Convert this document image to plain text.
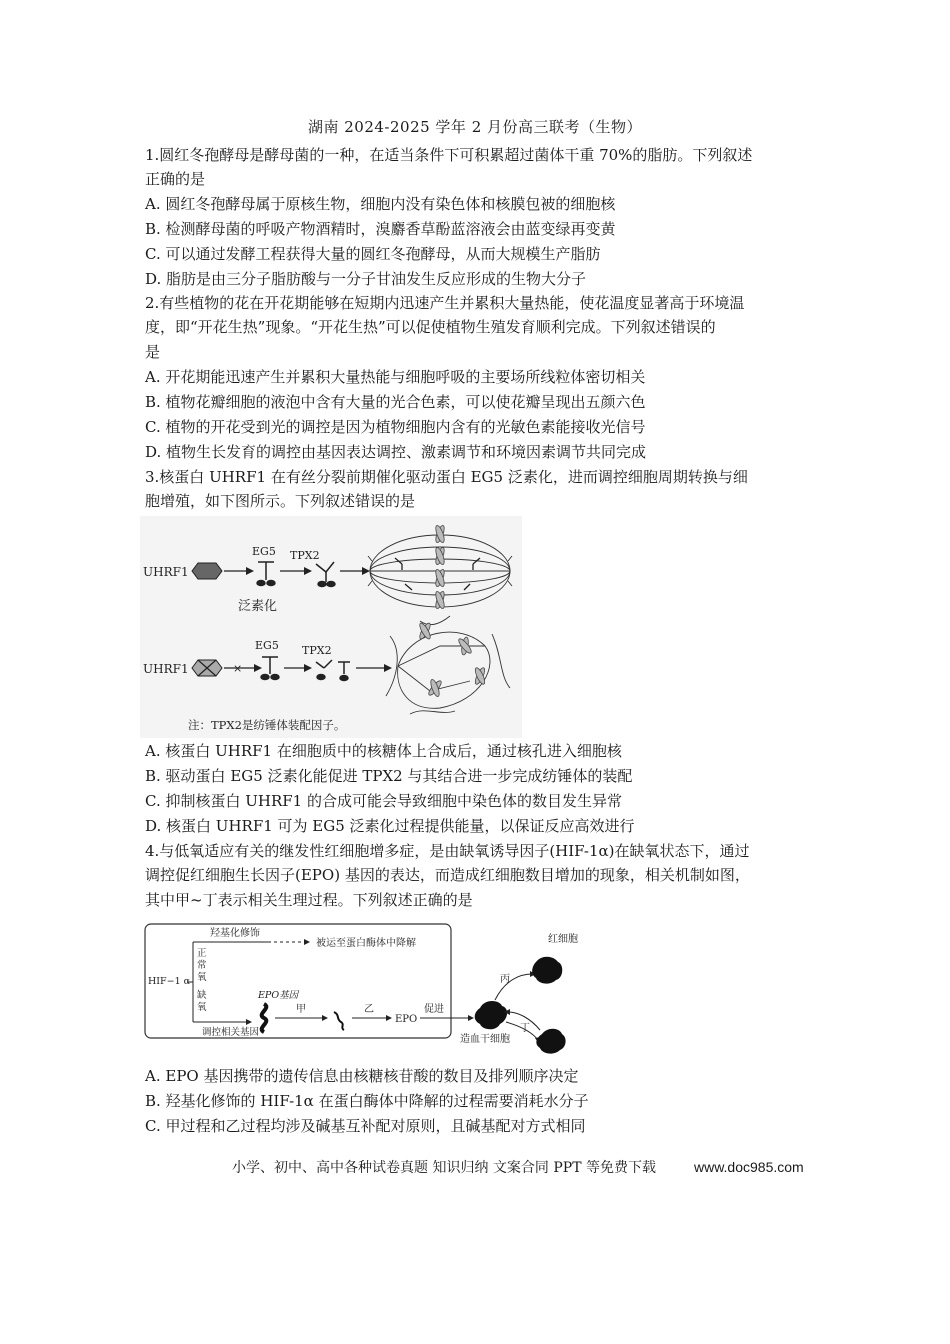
湖南 2024-2025 学年 2 月份高三联考（生物）
1.圆红冬孢酵母是酵母菌的一种，在适当条件下可积累超过菌体干重 70%的脂肪。下列叙述
正确的是
A. 圆红冬孢酵母属于原核生物，细胞内没有染色体和核膜包被的细胞核
B. 检测酵母菌的呼吸产物酒精时，溴麝香草酚蓝溶液会由蓝变绿再变黄
C. 可以通过发酵工程获得大量的圆红冬孢酵母，从而大规模生产脂肪
D. 脂肪是由三分子脂肪酸与一分子甘油发生反应形成的生物大分子
2.有些植物的花在开花期能够在短期内迅速产生并累积大量热能，使花温度显著高于环境温
度，即“开花生热”现象。“开花生热”可以促使植物生殖发育顺利完成。下列叙述错误的
是
A. 开花期能迅速产生并累积大量热能与细胞呼吸的主要场所线粒体密切相关
B. 植物花瓣细胞的液泡中含有大量的光合色素，可以使花瓣呈现出五颜六色
C. 植物的开花受到光的调控是因为植物细胞内含有的光敏色素能接收光信号
D. 植物生长发育的调控由基因表达调控、激素调节和环境因素调节共同完成
3.核蛋白 UHRF1 在有丝分裂前期催化驱动蛋白 EG5 泛素化，进而调控细胞周期转换与细
胞增殖，如下图所示。下列叙述错误的是
UHRF1
EG5
泛素化
TPX2
UHRF1	×
EG5 TPX2
注：TPX2是纺锤体装配因子。
A. 核蛋白 UHRF1 在细胞质中的核糖体上合成后，通过核孔进入细胞核
B. 驱动蛋白 EG5 泛素化能促进 TPX2 与其结合进一步完成纺锤体的装配
C. 抑制核蛋白 UHRF1 的合成可能会导致细胞中染色体的数目发生异常
D. 核蛋白 UHRF1 可为 EG5 泛素化过程提供能量，以保证反应高效进行
4.与低氧适应有关的继发性红细胞增多症，是由缺氧诱导因子(HIF-1α)在缺氧状态下，通过
调控促红细胞生长因子(EPO) 基因的表达，而造成红细胞数目增加的现象，相关机制如图，
其中甲~丁表示相关生理过程。下列叙述正确的是
HIF−1 α
正
常
氧
缺
氧
羟基化修饰
被运至蛋白酶体中降解
调控相关基因
EPO基因
甲	乙
EPO
促进
造血干细胞
丙
红细胞
丁
A. EPO 基因携带的遗传信息由核糖核苷酸的数目及排列顺序决定
B. 羟基化修饰的 HIF-1α 在蛋白酶体中降解的过程需要消耗水分子
C. 甲过程和乙过程均涉及碱基互补配对原则，且碱基配对方式相同
小学、初中、高中各种试卷真题 知识归纳 文案合同 PPT 等免费下载	www.doc985.com
